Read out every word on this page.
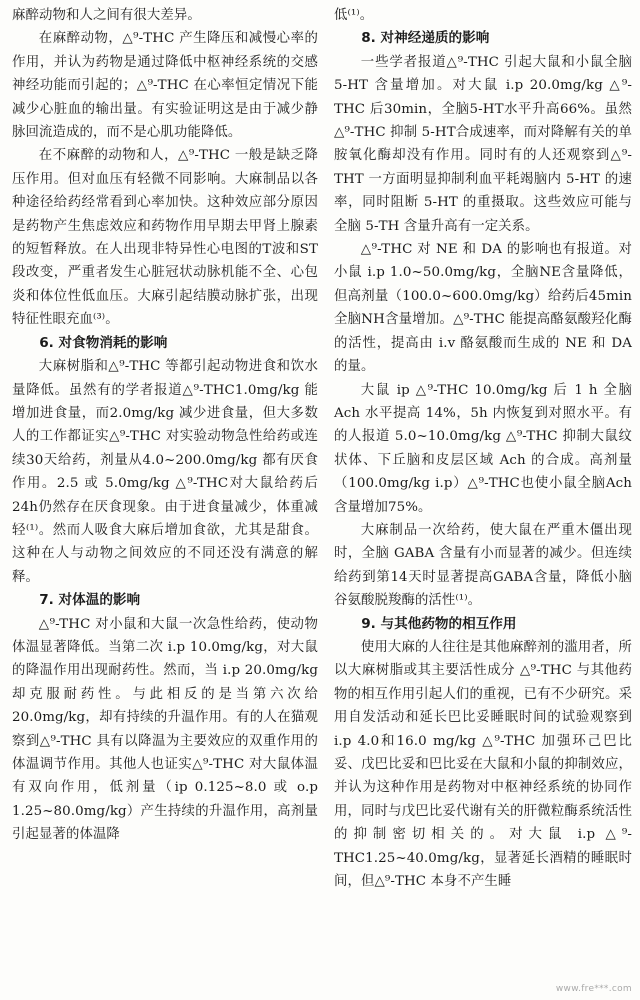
麻醉动物和人之间有很大差异。

在麻醉动物，△⁹-THC 产生降压和减慢心率的作用，并认为药物是通过降低中枢神经系统的交感神经功能而引起的；△⁹-THC 在心率恒定情况下能减少心脏血的输出量。有实验证明这是由于减少静脉回流造成的，而不是心肌功能降低。

在不麻醉的动物和人，△⁹-THC 一般是缺乏降压作用。但对血压有轻微不同影响。大麻制品以各种途径给药经常看到心率加快。这种效应部分原因是药物产生焦虑效应和药物作用早期去甲肾上腺素的短暂释放。在人出现非特异性心电图的T波和ST段改变，严重者发生心脏冠状动脉机能不全、心包炎和体位性低血压。大麻引起结膜动脉扩张，出现特征性眼充血⁽³⁾。

6. 对食物消耗的影响

大麻树脂和△⁹-THC 等都引起动物进食和饮水量降低。虽然有的学者报道△⁹-THC1.0mg/kg 能增加进食量，而2.0mg/kg 减少进食量，但大多数人的工作都证实△⁹-THC 对实验动物急性给药或连续30天给药，剂量从4.0~200.0mg/kg 都有厌食作用。2.5 或 5.0mg/kg △⁹-THC对大鼠给药后24h仍然存在厌食现象。由于进食量减少，体重减轻⁽¹⁾。然而人吸食大麻后增加食欲，尤其是甜食。这种在人与动物之间效应的不同还没有满意的解释。

7. 对体温的影响

△⁹-THC 对小鼠和大鼠一次急性给药，使动物体温显著降低。当第二次 i.p 10.0mg/kg，对大鼠的降温作用出现耐药性。然而，当 i.p 20.0mg/kg 却克服耐药性。与此相反的是当第六次给 20.0mg/kg，却有持续的升温作用。有的人在猫观察到△⁹-THC 具有以降温为主要效应的双重作用的体温调节作用。其他人也证实△⁹-THC 对大鼠体温有双向作用，低剂量（ip 0.125~8.0 或 o.p 1.25~80.0mg/kg）产生持续的升温作用，高剂量引起显著的体温降

低⁽¹⁾。

8. 对神经递质的影响

一些学者报道△⁹-THC 引起大鼠和小鼠全脑 5-HT 含量增加。对大鼠 i.p 20.0mg/kg △⁹-THC 后30min，全脑5-HT水平升高66%。虽然△⁹-THC 抑制 5-HT合成速率，而对降解有关的单胺氧化酶却没有作用。同时有的人还观察到△⁹-THT 一方面明显抑制利血平耗竭脑内 5-HT 的速率，同时阻断 5-HT 的重摄取。这些效应可能与全脑 5-TH 含量升高有一定关系。

△⁹-THC 对 NE 和 DA 的影响也有报道。对小鼠 i.p 1.0~50.0mg/kg，全脑NE含量降低，但高剂量（100.0~600.0mg/kg）给药后45min 全脑NH含量增加。△⁹-THC 能提高酪氨酸羟化酶的活性，提高由 i.v 酪氨酸而生成的 NE 和 DA 的量。

大鼠 ip △⁹-THC 10.0mg/kg 后 1 h 全脑 Ach 水平提高 14%，5h 内恢复到对照水平。有的人报道 5.0~10.0mg/kg △⁹-THC 抑制大鼠纹状体、下丘脑和皮层区域 Ach 的合成。高剂量（100.0mg/kg i.p）△⁹-THC也使小鼠全脑Ach含量增加75%。

大麻制品一次给药，使大鼠在严重木僵出现时，全脑 GABA 含量有小而显著的减少。但连续给药到第14天时显著提高GABA含量，降低小脑谷氨酸脱羧酶的活性⁽¹⁾。

9. 与其他药物的相互作用

使用大麻的人往往是其他麻醉剂的滥用者，所以大麻树脂或其主要活性成分 △⁹-THC 与其他药物的相互作用引起人们的重视，已有不少研究。采用自发活动和延长巴比妥睡眠时间的试验观察到 i.p 4.0和16.0 mg/kg △⁹-THC 加强环己巴比妥、戊巴比妥和巴比妥在大鼠和小鼠的抑制效应，并认为这种作用是药物对中枢神经系统的协同作用，同时与戊巴比妥代谢有关的肝微粒酶系统活性的抑制密切相关的。对大鼠 i.p △⁹-THC1.25~40.0mg/kg，显著延长酒精的睡眠时间，但△⁹-THC 本身不产生睡

www.fre***.com
